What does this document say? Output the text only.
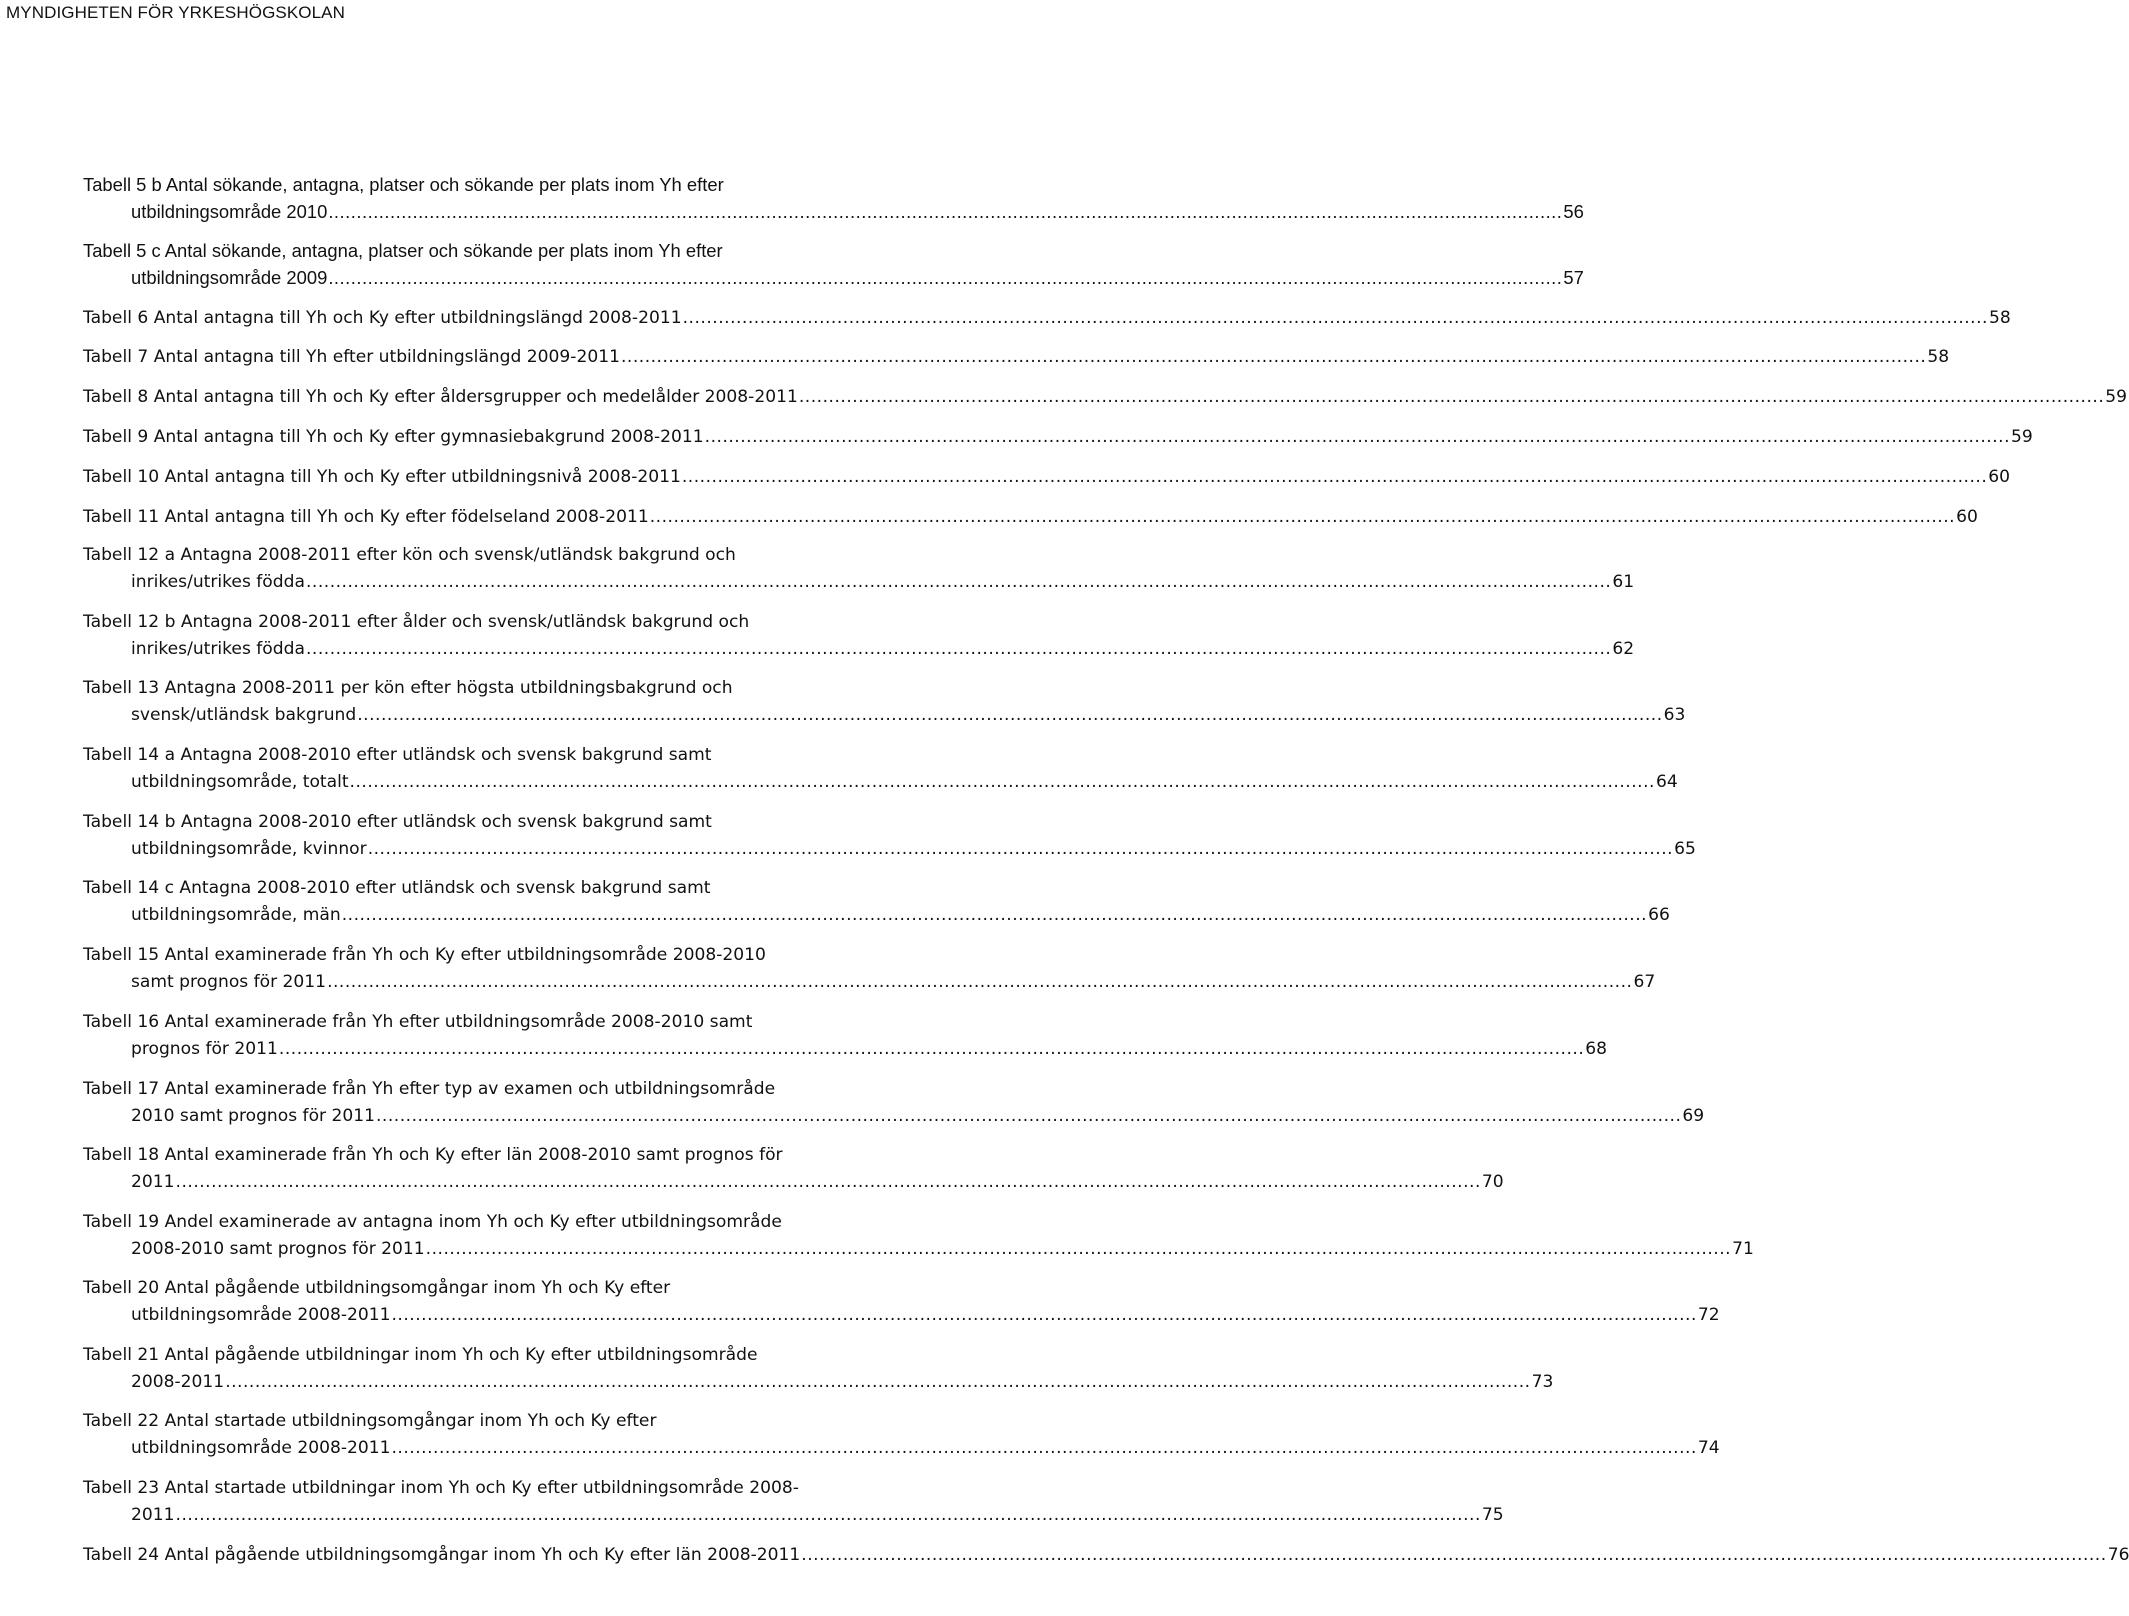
MYNDIGHETEN FÖR YRKESHÖGSKOLAN
Tabell 5 b Antal sökande, antagna, platser och sökande per plats inom Yh efter
utbildningsområde 2010 ............................................................................................................................................................................................................................ 56
Tabell 5 c Antal sökande, antagna, platser och sökande per plats inom Yh efter
utbildningsområde 2009 ............................................................................................................................................................................................................................ 57
Tabell 6 Antal antagna till Yh och Ky efter utbildningslängd 2008-2011 ............................................................................................................................................................................................................................ 58
Tabell 7 Antal antagna till Yh efter utbildningslängd 2009-2011 ............................................................................................................................................................................................................................ 58
Tabell 8 Antal antagna till Yh och Ky efter åldersgrupper och medelålder 2008-2011 ............................................................................................................................................................................................................................ 59
Tabell 9 Antal antagna till Yh och Ky efter gymnasiebakgrund 2008-2011 ............................................................................................................................................................................................................................ 59
Tabell 10 Antal antagna till Yh och Ky efter utbildningsnivå 2008-2011 ............................................................................................................................................................................................................................ 60
Tabell 11 Antal antagna till Yh och Ky efter födelseland 2008-2011 ............................................................................................................................................................................................................................ 60
Tabell 12 a Antagna 2008-2011 efter kön och svensk/utländsk bakgrund och
inrikes/utrikes födda ............................................................................................................................................................................................................................ 61
Tabell 12 b Antagna 2008-2011 efter ålder och svensk/utländsk bakgrund och
inrikes/utrikes födda ............................................................................................................................................................................................................................ 62
Tabell 13 Antagna 2008-2011 per kön efter högsta utbildningsbakgrund och
svensk/utländsk bakgrund ............................................................................................................................................................................................................................ 63
Tabell 14 a Antagna 2008-2010 efter utländsk och svensk bakgrund samt
utbildningsområde, totalt ............................................................................................................................................................................................................................ 64
Tabell 14 b Antagna 2008-2010 efter utländsk och svensk bakgrund samt
utbildningsområde, kvinnor ............................................................................................................................................................................................................................ 65
Tabell 14 c Antagna 2008-2010 efter utländsk och svensk bakgrund samt
utbildningsområde, män ............................................................................................................................................................................................................................ 66
Tabell 15 Antal examinerade från Yh och Ky efter utbildningsområde 2008-2010
samt prognos för 2011 ............................................................................................................................................................................................................................ 67
Tabell 16 Antal examinerade från Yh efter utbildningsområde 2008-2010 samt
prognos för 2011 ............................................................................................................................................................................................................................ 68
Tabell 17 Antal examinerade från Yh efter typ av examen och utbildningsområde
2010 samt prognos för 2011 ............................................................................................................................................................................................................................ 69
Tabell 18 Antal examinerade från Yh och Ky efter län 2008-2010 samt prognos för
2011 ............................................................................................................................................................................................................................ 70
Tabell 19 Andel examinerade av antagna inom Yh och Ky efter utbildningsområde
2008-2010 samt prognos för 2011 ............................................................................................................................................................................................................................ 71
Tabell 20 Antal pågående utbildningsomgångar inom Yh och Ky efter
utbildningsområde 2008-2011 ............................................................................................................................................................................................................................ 72
Tabell 21 Antal pågående utbildningar inom Yh och Ky efter utbildningsområde
2008-2011 ............................................................................................................................................................................................................................ 73
Tabell 22 Antal startade utbildningsomgångar inom Yh och Ky efter
utbildningsområde 2008-2011 ............................................................................................................................................................................................................................ 74
Tabell 23 Antal startade utbildningar inom Yh och Ky efter utbildningsområde 2008-
2011 ............................................................................................................................................................................................................................ 75
Tabell 24 Antal pågående utbildningsomgångar inom Yh och Ky efter län 2008-2011 ............................................................................................................................................................................................................................ 76
